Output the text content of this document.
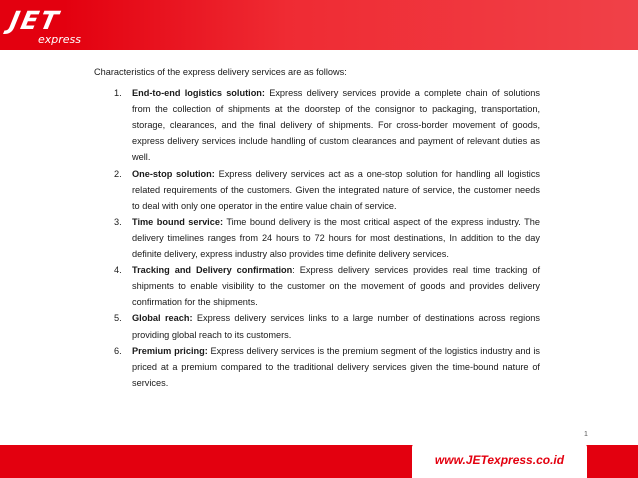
JET
express

Characteristics of the express delivery services are as follows:

1. End-to-end logistics solution: Express delivery services provide a complete chain of solutions from the collection of shipments at the doorstep of the consignor to packaging, transportation, storage, clearances, and the final delivery of shipments. For cross-border movement of goods, express delivery services include handling of custom clearances and payment of relevant duties as well.
2. One-stop solution: Express delivery services act as a one-stop solution for handling all logistics related requirements of the customers. Given the integrated nature of service, the customer needs to deal with only one operator in the entire value chain of service.
3. Time bound service: Time bound delivery is the most critical aspect of the express industry. The delivery timelines ranges from 24 hours to 72 hours for most destinations, In addition to the day definite delivery, express industry also provides time definite delivery services.
4. Tracking and Delivery confirmation: Express delivery services provides real time tracking of shipments to enable visibility to the customer on the movement of goods and provides delivery confirmation for the shipments.
5. Global reach: Express delivery services links to a large number of destinations across regions providing global reach to its customers.
6. Premium pricing: Express delivery services is the premium segment of the logistics industry and is priced at a premium compared to the traditional delivery services given the time-bound nature of services.
1
www.JETexpress.co.id
